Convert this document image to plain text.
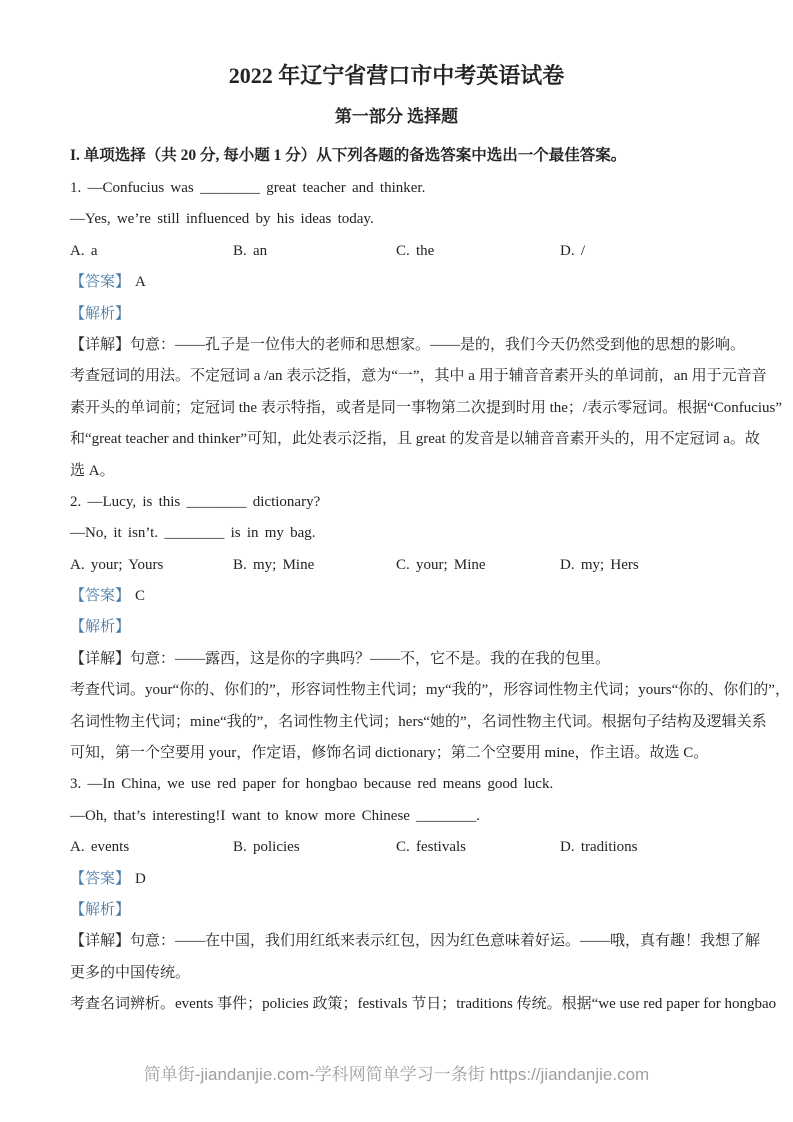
2022 年辽宁省营口市中考英语试卷
第一部分 选择题
I. 单项选择（共 20 分, 每小题 1 分）从下列各题的备选答案中选出一个最佳答案。
1. —Confucius was ________ great teacher and thinker.
—Yes, we’re still influenced by his ideas today.
A. a	B. an	C. the	D. /
【答案】 A
【解析】
【详解】句意：——孔子是一位伟大的老师和思想家。——是的，我们今天仍然受到他的思想的影响。
考查冠词的用法。不定冠词 a /an 表示泛指，意为“一”，其中 a 用于辅音音素开头的单词前，an 用于元音音
素开头的单词前；定冠词 the 表示特指，或者是同一事物第二次提到时用 the；/表示零冠词。根据“Confucius”
和“great teacher and thinker”可知，此处表示泛指，且 great 的发音是以辅音音素开头的，用不定冠词 a。故
选 A。
2. —Lucy, is this ________ dictionary?
—No, it isn’t. ________ is in my bag.
A. your; Yours	B. my; Mine	C. your; Mine	D. my; Hers
【答案】 C
【解析】
【详解】句意：——露西，这是你的字典吗？——不，它不是。我的在我的包里。
考查代词。your“你的、你们的”，形容词性物主代词；my“我的”，形容词性物主代词；yours“你的、你们的”，
名词性物主代词；mine“我的”，名词性物主代词；hers“她的”，名词性物主代词。根据句子结构及逻辑关系
可知，第一个空要用 your，作定语，修饰名词 dictionary；第二个空要用 mine，作主语。故选 C。
3. —In China, we use red paper for hongbao because red means good luck.
—Oh, that’s interesting!I want to know more Chinese ________.
A. events	B. policies	C. festivals	D. traditions
【答案】 D
【解析】
【详解】句意：——在中国，我们用红纸来表示红包，因为红色意味着好运。——哦，真有趣！我想了解
更多的中国传统。
考查名词辨析。events 事件；policies 政策；festivals 节日；traditions 传统。根据“we use red paper for hongbao
简单街-jiandanjie.com-学科网简单学习一条街 https://jiandanjie.com
